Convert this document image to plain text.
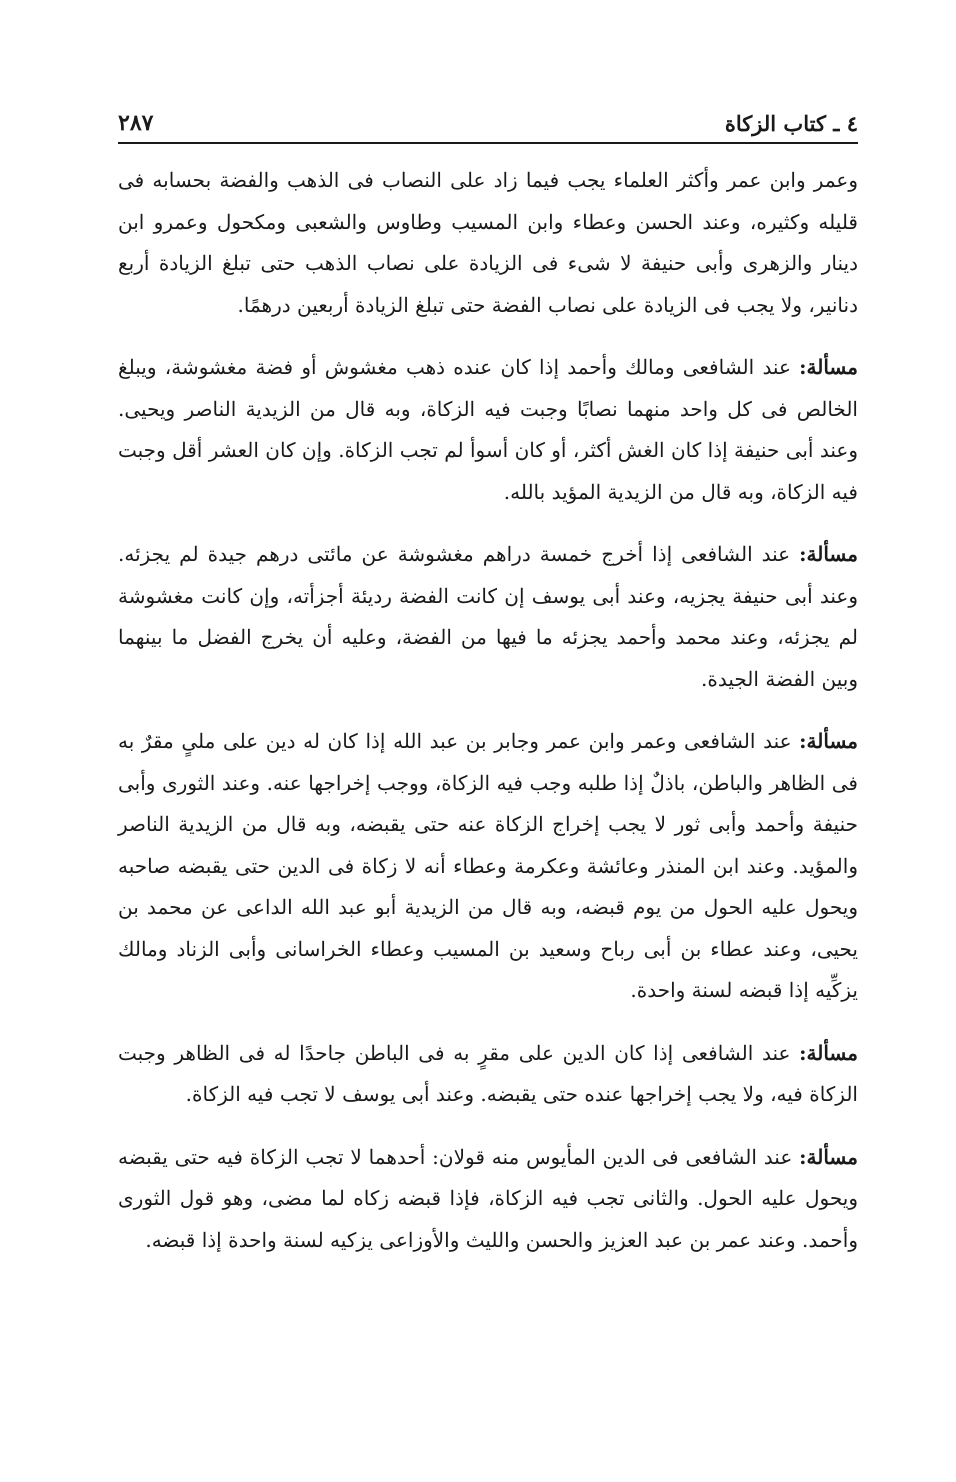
٤ ـ كتاب الزكاة
٢٨٧

وعمر وابن عمر وأكثر العلماء يجب فيما زاد على النصاب فى الذهب والفضة بحسابه فى قليله وكثيره، وعند الحسن وعطاء وابن المسيب وطاوس والشعبى ومكحول وعمرو ابن دينار والزهرى وأبى حنيفة لا شىء فى الزيادة على نصاب الذهب حتى تبلغ الزيادة أربع دنانير، ولا يجب فى الزيادة على نصاب الفضة حتى تبلغ الزيادة أربعين درهمًا.

مسألة: عند الشافعى ومالك وأحمد إذا كان عنده ذهب مغشوش أو فضة مغشوشة، ويبلغ الخالص فى كل واحد منهما نصابًا وجبت فيه الزكاة، وبه قال من الزيدية الناصر ويحيى. وعند أبى حنيفة إذا كان الغش أكثر، أو كان أسوأ لم تجب الزكاة. وإن كان العشر أقل وجبت فيه الزكاة، وبه قال من الزيدية المؤيد بالله.

مسألة: عند الشافعى إذا أخرج خمسة دراهم مغشوشة عن مائتى درهم جيدة لم يجزئه. وعند أبى حنيفة يجزيه، وعند أبى يوسف إن كانت الفضة رديئة أجزأته، وإن كانت مغشوشة لم يجزئه، وعند محمد وأحمد يجزئه ما فيها من الفضة، وعليه أن يخرج الفضل ما بينهما وبين الفضة الجيدة.

مسألة: عند الشافعى وعمر وابن عمر وجابر بن عبد الله إذا كان له دين على ملىٍ مقرٌ به فى الظاهر والباطن، باذلٌ إذا طلبه وجب فيه الزكاة، ووجب إخراجها عنه. وعند الثورى وأبى حنيفة وأحمد وأبى ثور لا يجب إخراج الزكاة عنه حتى يقبضه، وبه قال من الزيدية الناصر والمؤيد. وعند ابن المنذر وعائشة وعكرمة وعطاء أنه لا زكاة فى الدين حتى يقبضه صاحبه ويحول عليه الحول من يوم قبضه، وبه قال من الزيدية أبو عبد الله الداعى عن محمد بن يحيى، وعند عطاء بن أبى رباح وسعيد بن المسيب وعطاء الخراسانى وأبى الزناد ومالك يزكِّيه إذا قبضه لسنة واحدة.

مسألة: عند الشافعى إذا كان الدين على مقرٍ به فى الباطن جاحدًا له فى الظاهر وجبت الزكاة فيه، ولا يجب إخراجها عنده حتى يقبضه. وعند أبى يوسف لا تجب فيه الزكاة.

مسألة: عند الشافعى فى الدين المأيوس منه قولان: أحدهما لا تجب الزكاة فيه حتى يقبضه ويحول عليه الحول. والثانى تجب فيه الزكاة، فإذا قبضه زكاه لما مضى، وهو قول الثورى وأحمد. وعند عمر بن عبد العزيز والحسن والليث والأوزاعى يزكيه لسنة واحدة إذا قبضه.
